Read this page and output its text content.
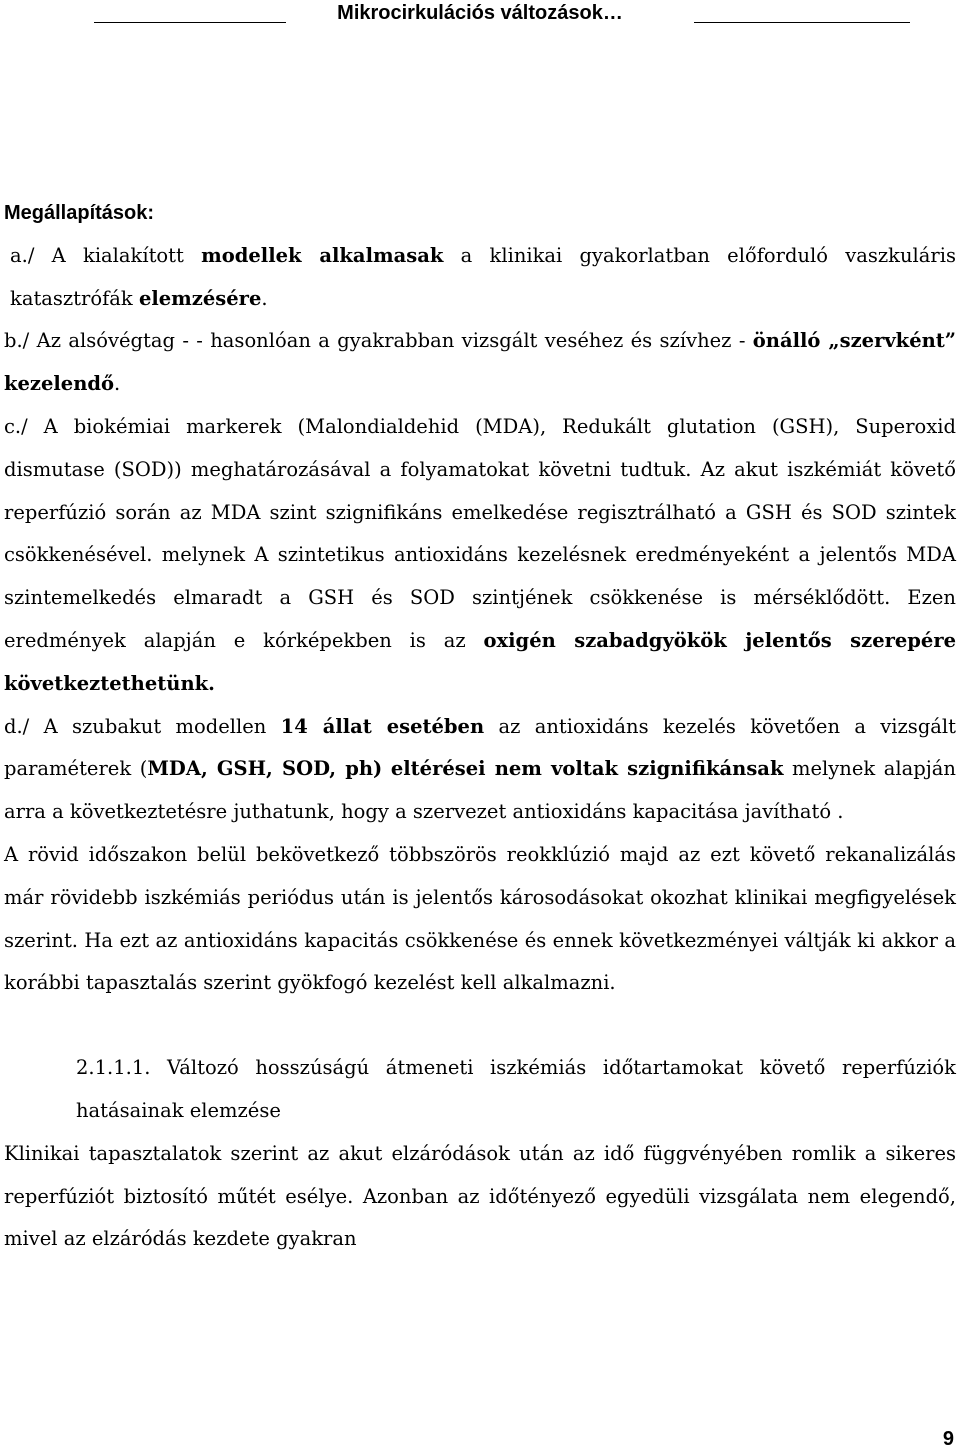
Mikrocirkulációs változások…

Megállapítások:

a./ A kialakított modellek alkalmasak a klinikai gyakorlatban előforduló vaszkuláris katasztrófák elemzésére.

b./ Az alsóvégtag - - hasonlóan a gyakrabban vizsgált veséhez és szívhez - önálló „szervként” kezelendő.

c./ A biokémiai markerek (Malondialdehid (MDA), Redukált glutation (GSH), Superoxid dismutase (SOD)) meghatározásával a folyamatokat követni tudtuk. Az akut iszkémiát követő reperfúzió során az MDA szint szignifikáns emelkedése regisztrálható a GSH és SOD szintek csökkenésével. melynek A szintetikus antioxidáns kezelésnek eredményeként a jelentős MDA szintemelkedés elmaradt a GSH és SOD szintjének csökkenése is mérséklődött. Ezen eredmények alapján e kórképekben is az oxigén szabadgyökök jelentős szerepére következtethetünk.

d./ A szubakut modellen 14 állat esetében az antioxidáns kezelés követően a vizsgált paraméterek (MDA, GSH, SOD, ph) eltérései nem voltak szignifikánsak melynek alapján arra a következtetésre juthatunk, hogy a szervezet antioxidáns kapacitása javítható .

A rövid időszakon belül bekövetkező többszörös reokklúzió majd az ezt követő rekanalizálás már rövidebb iszkémiás periódus után is jelentős károsodásokat okozhat klinikai megfigyelések szerint. Ha ezt az antioxidáns kapacitás csökkenése és ennek következményei váltják ki akkor a korábbi tapasztalás szerint gyökfogó kezelést kell alkalmazni.

2.1.1.1. Változó hosszúságú átmeneti iszkémiás időtartamokat követő reperfúziók hatásainak elemzése

Klinikai tapasztalatok szerint az akut elzáródások után az idő függvényében romlik a sikeres reperfúziót biztosító műtét esélye. Azonban az időtényező egyedüli vizsgálata nem elegendő, mivel az elzáródás kezdete gyakran

9
